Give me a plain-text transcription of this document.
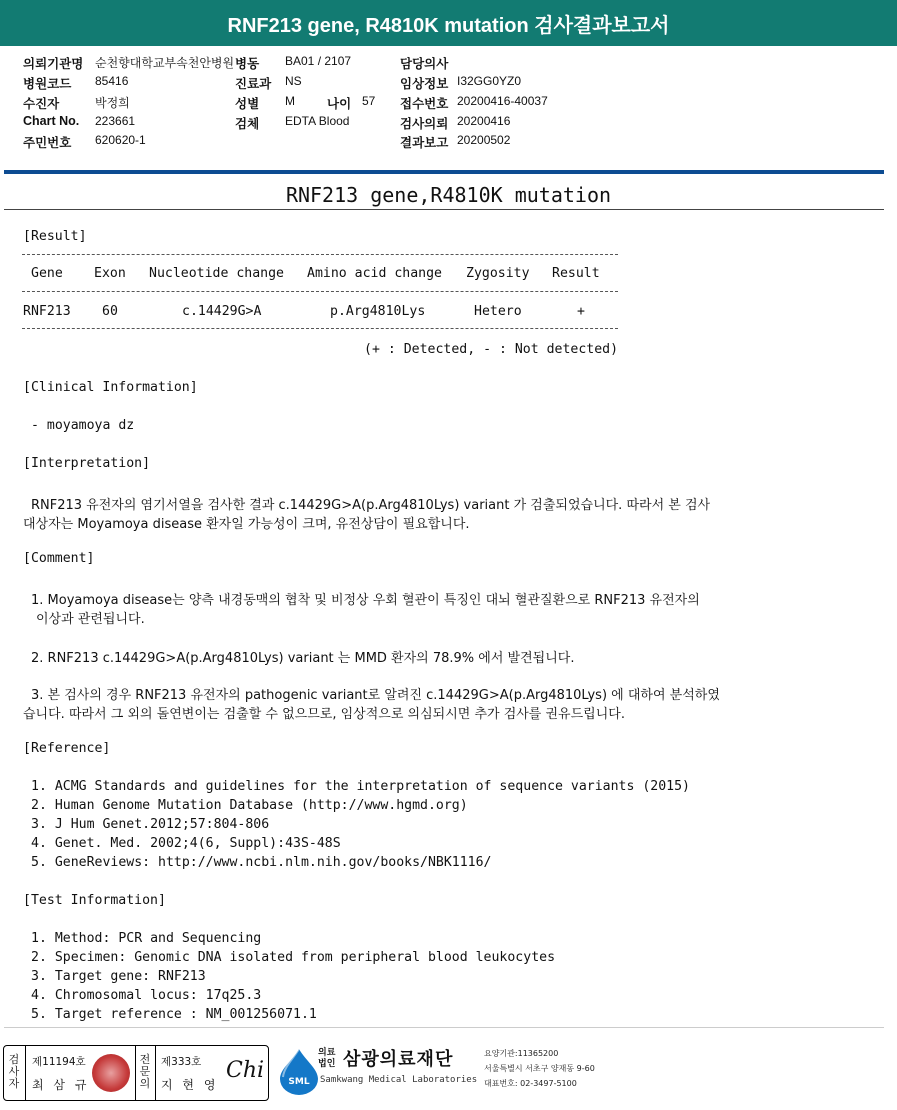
RNF213 gene, R4810K mutation 검사결과보고서
의뢰기관명 순천향대학교부속천안병원 병동 BA01 / 2107	담당의사
병원코드 85416	진료과 NS	임상정보 I32GG0YZ0
수진자	박정희	성별 M	나이 57 접수번호 20200416-40037
Chart No. 223661	검체 EDTA Blood	검사의뢰 20200416
주민번호 620620-1	결과보고 20200502
RNF213 gene,R4810K mutation
[Result]
Gene Exon Nucleotide change Amino acid change Zygosity Result
RNF213 60	c.14429G>A	p.Arg4810Lys	Hetero	+
(+ : Detected, - : Not detected)
[Clinical Information]
- moyamoya dz
[Interpretation]
RNF213 유전자의 염기서열을 검사한 결과 c.14429G>A(p.Arg4810Lys) variant 가 검출되었습니다. 따라서 본 검사
대상자는 Moyamoya disease 환자일 가능성이 크며, 유전상담이 필요합니다.
[Comment]
1. Moyamoya disease는 양측 내경동맥의 협착 및 비정상 우회 혈관이 특징인 대뇌 혈관질환으로 RNF213 유전자의
이상과 관련됩니다.
2. RNF213 c.14429G>A(p.Arg4810Lys) variant 는 MMD 환자의 78.9% 에서 발견됩니다.
3. 본 검사의 경우 RNF213 유전자의 pathogenic variant로 알려진 c.14429G>A(p.Arg4810Lys) 에 대하여 분석하였
습니다. 따라서 그 외의 돌연변이는 검출할 수 없으므로, 임상적으로 의심되시면 추가 검사를 권유드립니다.
[Reference]
1. ACMG Standards and guidelines for the interpretation of sequence variants (2015)
2. Human Genome Mutation Database (http://www.hgmd.org)
3. J Hum Genet.2012;57:804-806
4. Genet. Med. 2002;4(6, Suppl):43S-48S
5. GeneReviews: http://www.ncbi.nlm.nih.gov/books/NBK1116/
[Test Information]
1. Method: PCR and Sequencing
2. Specimen: Genomic DNA isolated from peripheral blood leukocytes
3. Target gene: RNF213
4. Chromosomal locus: 17q25.3
5. Target reference : NM_001256071.1
검사자
제11194호
최 삼 규
전문의
제333호
지 현 영
Chi	SML
의료
법인 삼광의료재단
Samkwang Medical Laboratories
요양기관:11365200
서울특별시 서초구 양재동 9-60
대표번호: 02-3497-5100
